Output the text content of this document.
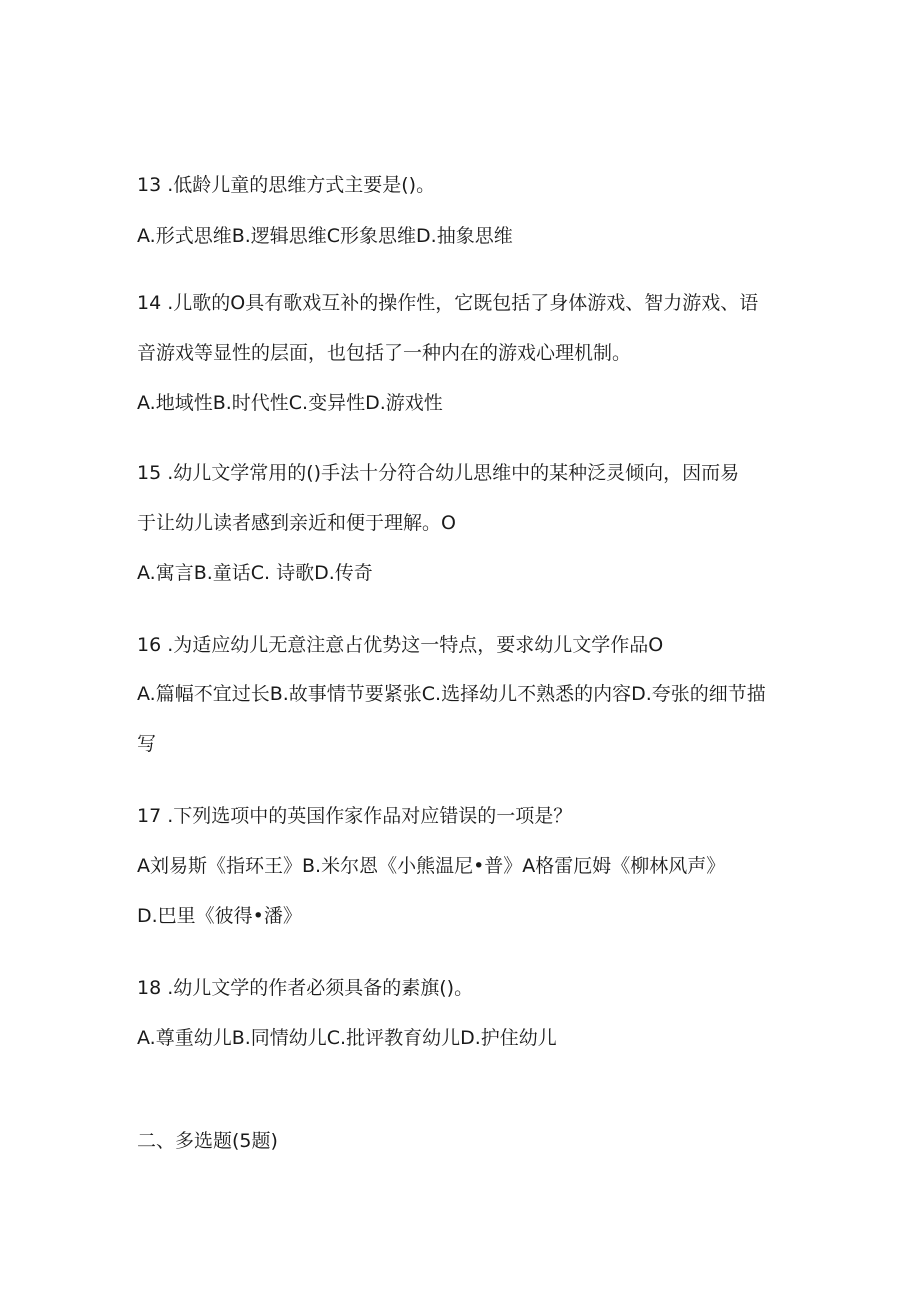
13 .低龄儿童的思维方式主要是()。
A.形式思维B.逻辑思维C形象思维D.抽象思维
14 .儿歌的O具有歌戏互补的操作性，它既包括了身体游戏、智力游戏、语
音游戏等显性的层面，也包括了一种内在的游戏心理机制。
A.地域性B.时代性C.变异性D.游戏性
15 .幼儿文学常用的()手法十分符合幼儿思维中的某种泛灵倾向，因而易
于让幼儿读者感到亲近和便于理解。O
A.寓言B.童话C. 诗歌D.传奇
16 .为适应幼儿无意注意占优势这一特点，要求幼儿文学作品O
A.篇幅不宜过长B.故事情节要紧张C.选择幼儿不熟悉的内容D.夸张的细节描
写
17 .下列选项中的英国作家作品对应错误的一项是？
A刘易斯《指环王》B.米尔恩《小熊温尼•普》A格雷厄姆《柳林风声》
D.巴里《彼得•潘》
18 .幼儿文学的作者必须具备的素旗()。
A.尊重幼儿B.同情幼儿C.批评教育幼儿D.护住幼儿
二、多选题(5题)
